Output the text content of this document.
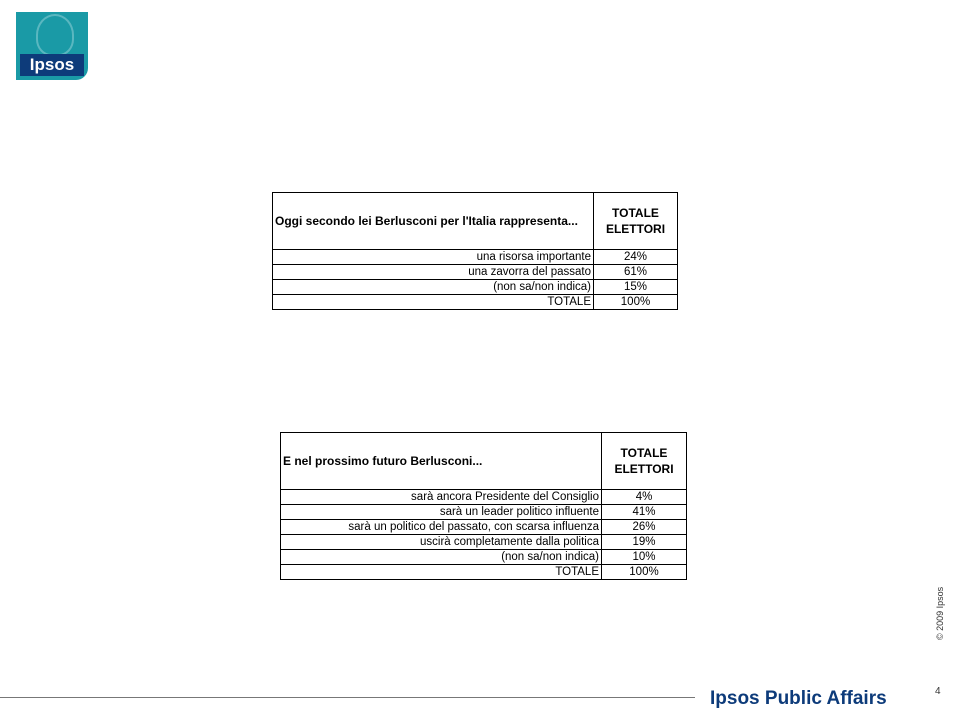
Ipsos
Oggi secondo lei Berlusconi per l'Italia rappresenta...	TOTALE
ELETTORI
una risorsa importante	24%
una zavorra del passato	61%
(non sa/non indica)	15%
TOTALE	100%
E nel prossimo futuro Berlusconi...	TOTALE
ELETTORI
sarà ancora Presidente del Consiglio	4%
sarà un leader politico influente	41%
sarà un politico del passato, con scarsa influenza	26%
uscirà completamente dalla politica	19%
(non sa/non indica)	10%
TOTALE	100%
© 2009 Ipsos
Ipsos Public Affairs	4
